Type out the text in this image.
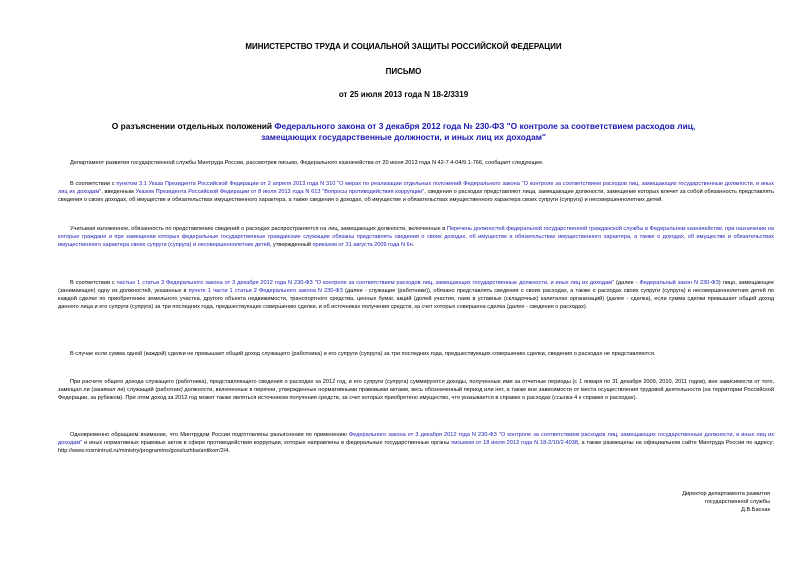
МИНИСТЕРСТВО ТРУДА И СОЦИАЛЬНОЙ ЗАЩИТЫ РОССИЙСКОЙ ФЕДЕРАЦИИ
ПИСЬМО
от 25 июля 2013 года N 18-2/3319
О разъяснении отдельных положений Федерального закона от 3 декабря 2012 года № 230-ФЗ "О контроле за соответствием расходов лиц, замещающих государственные должности, и иных лиц их доходам"

Департамент развития государственной службы Минтруда России, рассмотрев письмо, Федерального казначейства от 20 июня 2013 года N 42-7.4-04/9.1-766, сообщает следующее.

В соответствии с пунктом 3.1 Указа Президента Российской Федерации от 2 апреля 2013 года N 310 "О мерах по реализации отдельных положений Федерального закона "О контроле за соответствием расходов лиц, замещающих государственные должности, и иных лиц их доходам", введенным Указом Президента Российской Федерации от 8 июля 2013 года N 613 "Вопросы противодействия коррупции", сведения о расходах представляют лица, замещающие должности, замещение которых влечет за собой обязанность представлять сведения о своих доходах, об имуществе и обязательствах имущественного характера, а также сведения о доходах, об имуществе и обязательствах имущественного характера своих супруги (супруга) и несовершеннолетних детей.

Учитывая изложенное, обязанность по представлению сведений о расходах распространяется на лиц, замещающих должности, включенные в Перечень должностей федеральной государственной гражданской службы в Федеральном казначействе, при назначении на которые граждане и при замещении которых федеральные государственные гражданские служащие обязаны представлять сведения о своих доходах, об имуществе и обязательствах имущественного характера, а также о доходах, об имуществе и обязательствах имущественного характера своих супруги (супруга) и несовершеннолетних детей, утвержденный приказом от 31 августа 2009 года N 6н.

В соответствии с частью 1 статьи 3 Федерального закона от 3 декабря 2012 года N 230-ФЗ "О контроле за соответствием расходов лиц, замещающих государственные должности, и иных лиц их доходам" (далее - Федеральный закон N 230-ФЗ) лицо, замещающее (занимающее) одну из должностей, указанных в пункте 1 части 1 статьи 2 Федерального закона N 230-ФЗ (далее - служащие (работники)), обязано представлять сведения о своих расходах, а также о расходах своих супруги (супруга) и несовершеннолетних детей по каждой сделке по приобретению земельного участка, другого объекта недвижимости, транспортного средства, ценных бумаг, акций (долей участия, паев в уставных (складочных) капиталах организаций) (далее - сделка), если сумма сделки превышает общий доход данного лица и его супруги (супруга) за три последних года, предшествующих совершению сделки, и об источниках получения средств, за счет которых совершена сделка (далее - сведения о расходах).

В случае если сумма одной (каждой) сделки не превышает общий доход служащего (работника) и его супруги (супруга) за три последних года, предшествующих совершению сделки, сведения о расходах не представляются.

При расчете общего дохода служащего (работника), представляющего сведения о расходах за 2012 год, и его супруги (супруга) суммируются доходы, полученные ими за отчетные периоды (с 1 января по 31 декабря 2009, 2010, 2011 годов), вне зависимости от того, замещал ли (занимал ли) служащий (работник) должности, включенные в перечни, утвержденные нормативными правовыми актами, весь обозначенный период или нет, а также вне зависимости от места осуществления трудовой деятельности (на территории Российской Федерации, за рубежом). При этом доход за 2012 год может также являться источником получения средств, за счет которых приобретено имущество, что указывается в справке о расходах (ссылка 4 к справке о расходах).

Одновременно обращаем внимание, что Минтрудом России подготовлены разъяснения по применению Федерального закона от 3 декабря 2012 года N 230-ФЗ "О контроле за соответствием расходов лиц, замещающих государственные должности, и иных лиц их доходам" и иных нормативных правовых актов в сфере противодействия коррупции, которые направлены в федеральные государственные органы письмом от 18 июля 2013 года N 18-2/10/2-4038, а также размещены на официальном сайте Минтруда России по адресу: http://www.rosmintrud.ru/ministry/programms/gossluzhba/antikorr/2/4.

Директор департамента развития
государственной службы
Д.В.Баснак
